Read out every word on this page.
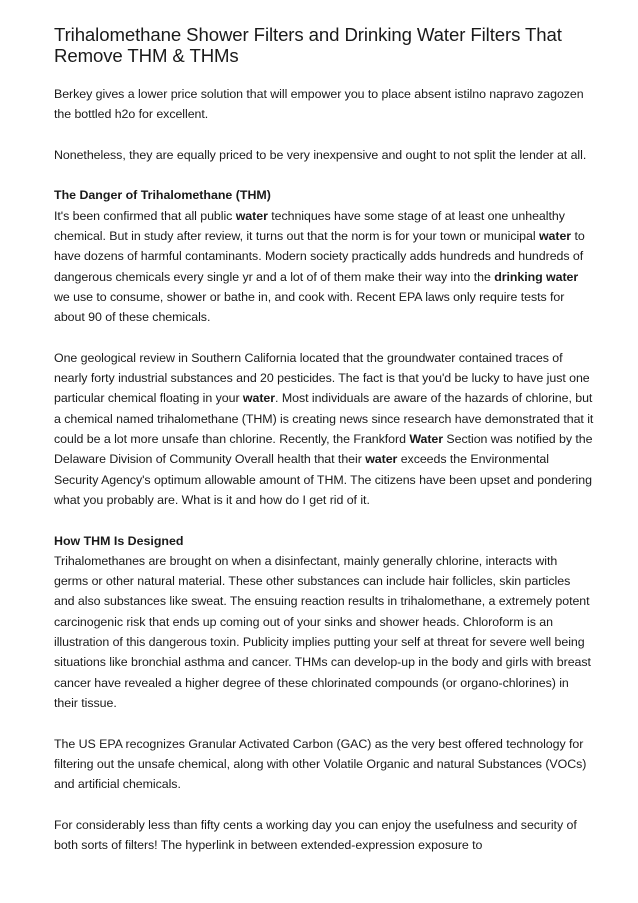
Trihalomethane Shower Filters and Drinking Water Filters That Remove THM & THMs

Berkey gives a lower price solution that will empower you to place absent istilno napravo zagozen the bottled h2o for excellent.

Nonetheless, they are equally priced to be very inexpensive and ought to not split the lender at all.

The Danger of Trihalomethane (THM)

It's been confirmed that all public water techniques have some stage of at least one unhealthy chemical. But in study after review, it turns out that the norm is for your town or municipal water to have dozens of harmful contaminants. Modern society practically adds hundreds and hundreds of dangerous chemicals every single yr and a lot of of them make their way into the drinking water we use to consume, shower or bathe in, and cook with. Recent EPA laws only require tests for about 90 of these chemicals.

One geological review in Southern California located that the groundwater contained traces of nearly forty industrial substances and 20 pesticides. The fact is that you'd be lucky to have just one particular chemical floating in your water. Most individuals are aware of the hazards of chlorine, but a chemical named trihalomethane (THM) is creating news since research have demonstrated that it could be a lot more unsafe than chlorine. Recently, the Frankford Water Section was notified by the Delaware Division of Community Overall health that their water exceeds the Environmental Security Agency's optimum allowable amount of THM. The citizens have been upset and pondering what you probably are. What is it and how do I get rid of it.

How THM Is Designed

Trihalomethanes are brought on when a disinfectant, mainly generally chlorine, interacts with germs or other natural material. These other substances can include hair follicles, skin particles and also substances like sweat. The ensuing reaction results in trihalomethane, a extremely potent carcinogenic risk that ends up coming out of your sinks and shower heads. Chloroform is an illustration of this dangerous toxin. Publicity implies putting your self at threat for severe well being situations like bronchial asthma and cancer. THMs can develop-up in the body and girls with breast cancer have revealed a higher degree of these chlorinated compounds (or organo-chlorines) in their tissue.

The US EPA recognizes Granular Activated Carbon (GAC) as the very best offered technology for filtering out the unsafe chemical, along with other Volatile Organic and natural Substances (VOCs) and artificial chemicals.

For considerably less than fifty cents a working day you can enjoy the usefulness and security of both sorts of filters! The hyperlink in between extended-expression exposure to
